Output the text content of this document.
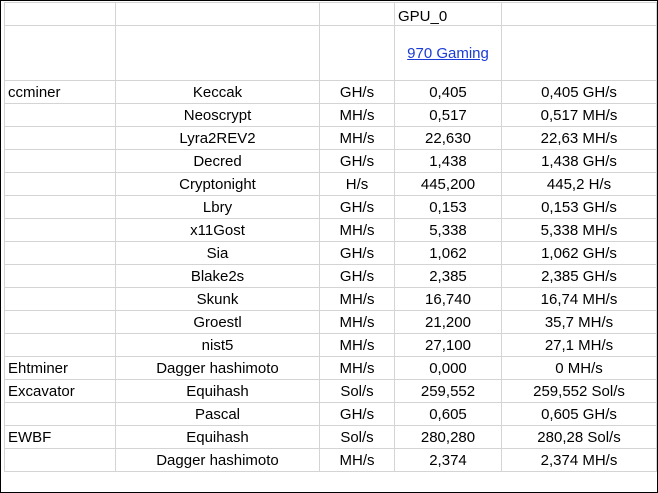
			GPU_0	
			970 Gaming	
ccminer	Keccak	GH/s	0,405	0,405 GH/s
	Neoscrypt	MH/s	0,517	0,517 MH/s
	Lyra2REV2	MH/s	22,630	22,63 MH/s
	Decred	GH/s	1,438	1,438 GH/s
	Cryptonight	H/s	445,200	445,2 H/s
	Lbry	GH/s	0,153	0,153 GH/s
	x11Gost	MH/s	5,338	5,338 MH/s
	Sia	GH/s	1,062	1,062 GH/s
	Blake2s	GH/s	2,385	2,385 GH/s
	Skunk	MH/s	16,740	16,74 MH/s
	Groestl	MH/s	21,200	35,7 MH/s
	nist5	MH/s	27,100	27,1 MH/s
Ehtminer	Dagger hashimoto	MH/s	0,000	0 MH/s
Excavator	Equihash	Sol/s	259,552	259,552 Sol/s
	Pascal	GH/s	0,605	0,605 GH/s
EWBF	Equihash	Sol/s	280,280	280,28 Sol/s
	Dagger hashimoto	MH/s	2,374	2,374 MH/s
